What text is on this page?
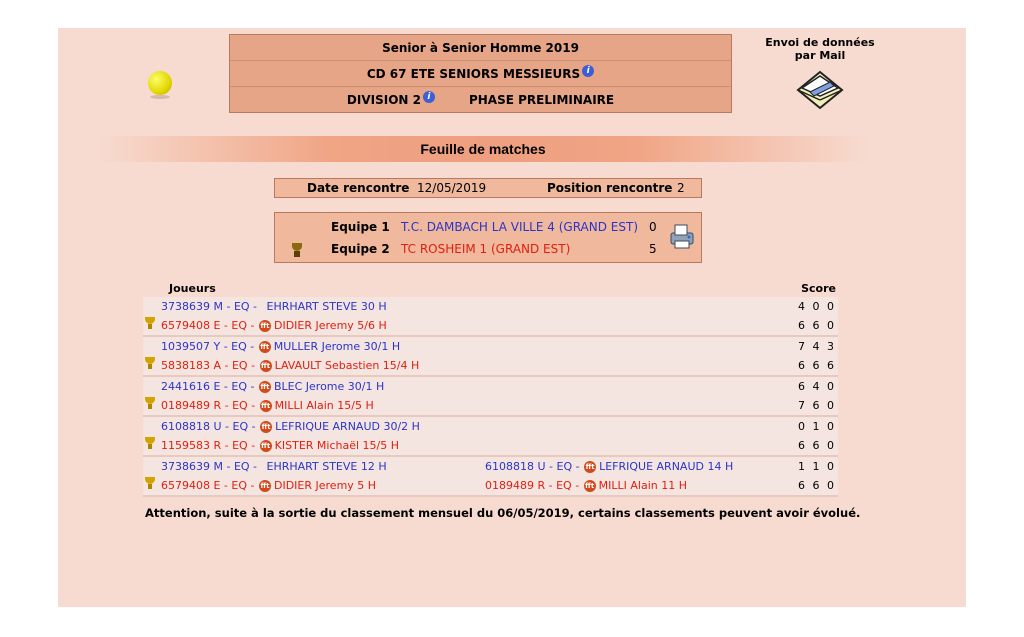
Senior à Senior Homme 2019
CD 67 ETE SENIORS MESSIEURS i
DIVISION 2 i	PHASE PRELIMINAIRE
Envoi de données
par Mail
Feuille de matches
Date rencontre 12/05/2019	Position rencontre 2
Equipe 1 T.C. DAMBACH LA VILLE 4 (GRAND EST) 0
Equipe 2 TC ROSHEIM 1 (GRAND EST)	5
Joueurs	Score
3738639 M - EQ - EHRHART STEVE 30 H	4 0 0
6579408 E - EQ - fft DIDIER Jeremy 5/6 H	6 6 0
1039507 Y - EQ - fft MULLER Jerome 30/1 H	7 4 3
5838183 A - EQ - fft LAVAULT Sebastien 15/4 H	6 6 6
2441616 E - EQ - fft BLEC Jerome 30/1 H	6 4 0
0189489 R - EQ - fft MILLI Alain 15/5 H	7 6 0
6108818 U - EQ - fft LEFRIQUE ARNAUD 30/2 H	0 1 0
1159583 R - EQ - fft KISTER Michaël 15/5 H	6 6 0
3738639 M - EQ - EHRHART STEVE 12 H	6108818 U - EQ - fft LEFRIQUE ARNAUD 14 H	1 1 0
6579408 E - EQ - fft DIDIER Jeremy 5 H	0189489 R - EQ - fft MILLI Alain 11 H	6 6 0
Attention, suite à la sortie du classement mensuel du 06/05/2019, certains classements peuvent avoir évolué.
